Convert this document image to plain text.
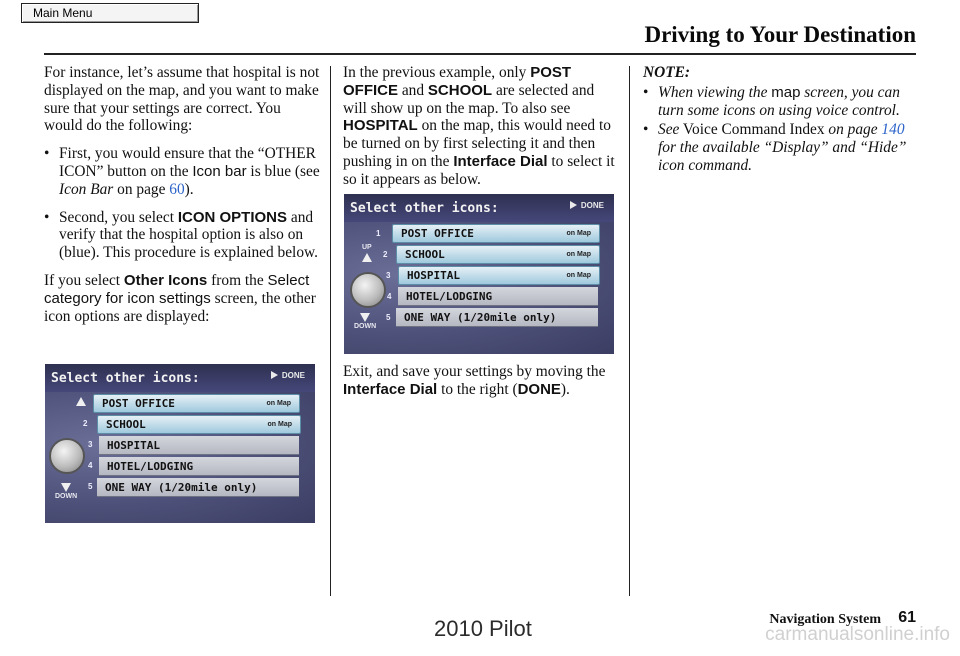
Main Menu
Driving to Your Destination

For instance, let’s assume that hospital is not displayed on the map, and you want to make sure that your settings are correct. You would do the following:

• First, you would ensure that the “OTHER ICON” button on the Icon bar is blue (see Icon Bar on page 60).
• Second, you select ICON OPTIONS and verify that the hospital option is also on (blue). This procedure is explained below.

If you select Other Icons from the Select category for icon settings screen, the other icon options are displayed:

Select other icons:	DONE
DOWN
2
3
4
5
POST OFFICE	on Map
SCHOOL	on Map
HOSPITAL
HOTEL/LODGING
ONE WAY (1/20mile only)

In the previous example, only POST OFFICE and SCHOOL are selected and will show up on the map. To also see HOSPITAL on the map, this would need to be turned on by first selecting it and then pushing in on the Interface Dial to select it so it appears as below.

Select other icons:	DONE
UP
DOWN
1
2
3
4
5
POST OFFICE	on Map
SCHOOL	on Map
HOSPITAL	on Map
HOTEL/LODGING
ONE WAY (1/20mile only)

Exit, and save your settings by moving the Interface Dial to the right (DONE).

NOTE:

• When viewing the map screen, you can turn some icons on using voice control.
• See Voice Command Index on page 140 for the available “Display” and “Hide” icon command.
Navigation System 61
2010 Pilot	carmanualsonline.info
